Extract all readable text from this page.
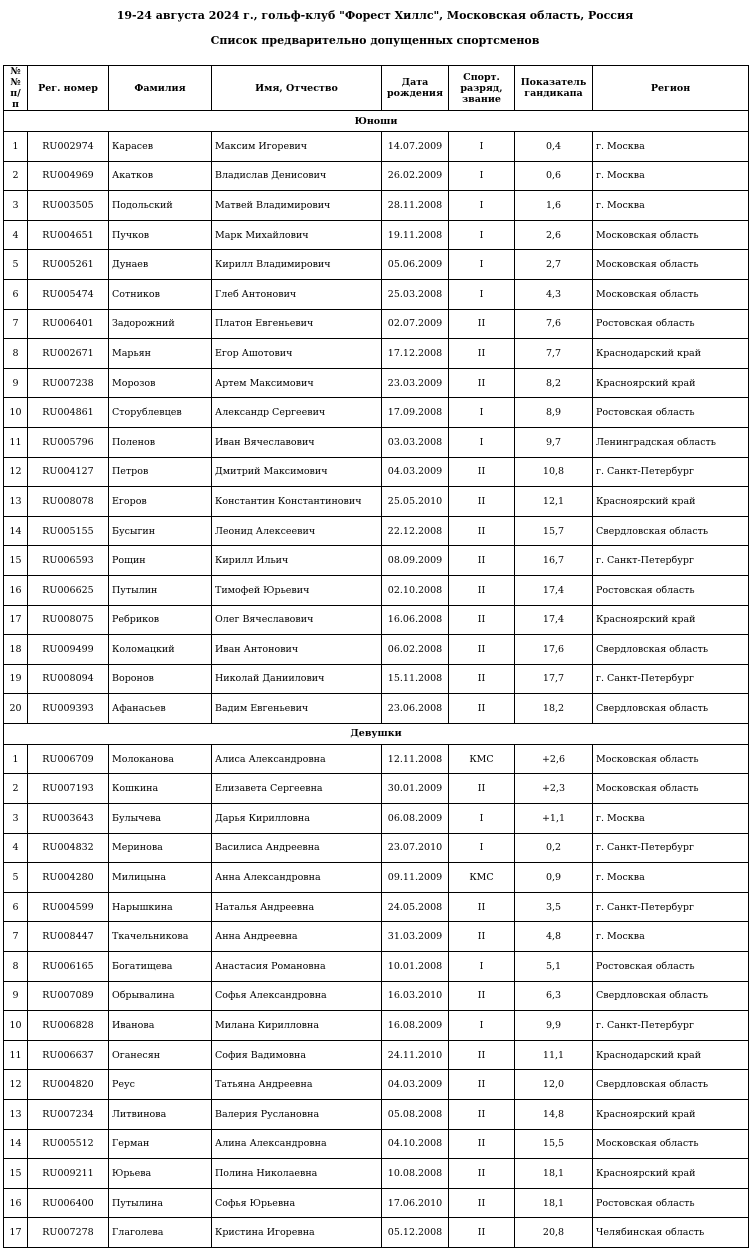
19-24 августа 2024 г., гольф-клуб "Форест Хиллс", Московская область, Россия
Список предварительно допущенных спортсменов
№ № п/п	Рег. номер	Фамилия	Имя, Отчество	Дата рождения	Спорт. разряд, звание	Показатель гандикапа	Регион
Юноши							
1	RU002974	Карасев	Максим Игоревич	14.07.2009	I	0,4	г. Москва
2	RU004969	Акатков	Владислав Денисович	26.02.2009	I	0,6	г. Москва
3	RU003505	Подольский	Матвей Владимирович	28.11.2008	I	1,6	г. Москва
4	RU004651	Пучков	Марк Михайлович	19.11.2008	I	2,6	Московская область
5	RU005261	Дунаев	Кирилл Владимирович	05.06.2009	I	2,7	Московская область
6	RU005474	Сотников	Глеб Антонович	25.03.2008	I	4,3	Московская область
7	RU006401	Задорожний	Платон Евгеньевич	02.07.2009	II	7,6	Ростовская область
8	RU002671	Марьян	Егор Ашотович	17.12.2008	II	7,7	Краснодарский край
9	RU007238	Морозов	Артем Максимович	23.03.2009	II	8,2	Красноярский край
10	RU004861	Сторублевцев	Александр Сергеевич	17.09.2008	I	8,9	Ростовская область
11	RU005796	Поленов	Иван Вячеславович	03.03.2008	I	9,7	Ленинградская область
12	RU004127	Петров	Дмитрий Максимович	04.03.2009	II	10,8	г. Санкт-Петербург
13	RU008078	Егоров	Константин Константинович	25.05.2010	II	12,1	Красноярский край
14	RU005155	Бусыгин	Леонид Алексеевич	22.12.2008	II	15,7	Свердловская область
15	RU006593	Рощин	Кирилл Ильич	08.09.2009	II	16,7	г. Санкт-Петербург
16	RU006625	Путылин	Тимофей Юрьевич	02.10.2008	II	17,4	Ростовская область
17	RU008075	Ребриков	Олег Вячеславович	16.06.2008	II	17,4	Красноярский край
18	RU009499	Коломацкий	Иван Антонович	06.02.2008	II	17,6	Свердловская область
19	RU008094	Воронов	Николай Даниилович	15.11.2008	II	17,7	г. Санкт-Петербург
20	RU009393	Афанасьев	Вадим Евгеньевич	23.06.2008	II	18,2	Свердловская область
Девушки							
1	RU006709	Молоканова	Алиса Александровна	12.11.2008	КМС	+2,6	Московская область
2	RU007193	Кошкина	Елизавета Сергеевна	30.01.2009	II	+2,3	Московская область
3	RU003643	Булычева	Дарья Кирилловна	06.08.2009	I	+1,1	г. Москва
4	RU004832	Меринова	Василиса Андреевна	23.07.2010	I	0,2	г. Санкт-Петербург
5	RU004280	Милицына	Анна Александровна	09.11.2009	КМС	0,9	г. Москва
6	RU004599	Нарышкина	Наталья Андреевна	24.05.2008	II	3,5	г. Санкт-Петербург
7	RU008447	Ткачельникова	Анна Андреевна	31.03.2009	II	4,8	г. Москва
8	RU006165	Богатищева	Анастасия Романовна	10.01.2008	I	5,1	Ростовская область
9	RU007089	Обрывалина	Софья Александровна	16.03.2010	II	6,3	Свердловская область
10	RU006828	Иванова	Милана Кирилловна	16.08.2009	I	9,9	г. Санкт-Петербург
11	RU006637	Оганесян	София Вадимовна	24.11.2010	II	11,1	Краснодарский край
12	RU004820	Реус	Татьяна Андреевна	04.03.2009	II	12,0	Свердловская область
13	RU007234	Литвинова	Валерия Руслановна	05.08.2008	II	14,8	Красноярский край
14	RU005512	Герман	Алина Александровна	04.10.2008	II	15,5	Московская область
15	RU009211	Юрьева	Полина Николаевна	10.08.2008	II	18,1	Красноярский край
16	RU006400	Путылина	Софья Юрьевна	17.06.2010	II	18,1	Ростовская область
17	RU007278	Глаголева	Кристина Игоревна	05.12.2008	II	20,8	Челябинская область
